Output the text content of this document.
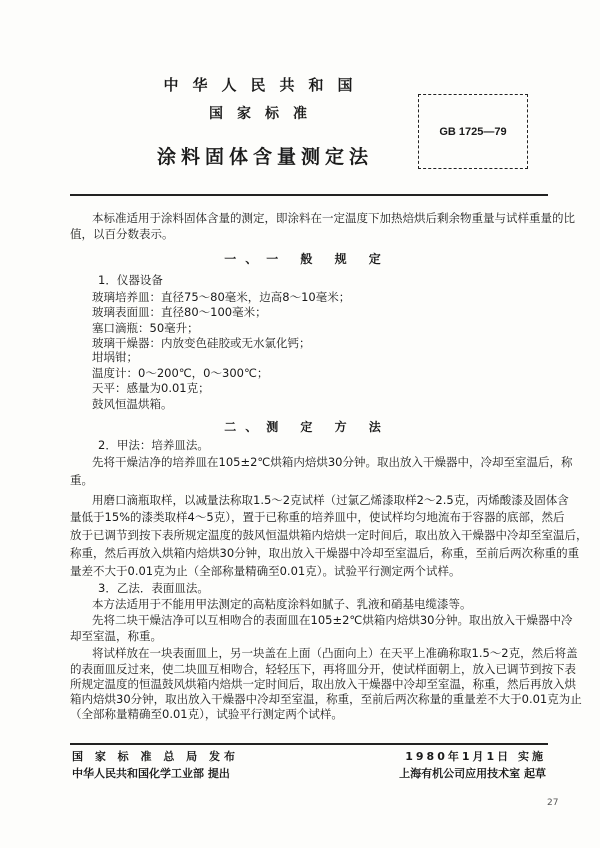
中华人民共和国
国家标准
涂料固体含量测定法
GB 1725—79
本标准适用于涂料固体含量的测定，即涂料在一定温度下加热焙烘后剩余物重量与试样重量的比
值，以百分数表示。
一、一 般 规 定
1．仪器设备
玻璃培养皿：直径75～80毫米，边高8～10毫米；
玻璃表面皿：直径80～100毫米；
塞口滴瓶：50毫升；
玻璃干燥器：内放变色硅胶或无水氯化钙；
坩埚钳；
温度计：0～200℃，0～300℃；
天平：感量为0.01克；
鼓风恒温烘箱。
二、测 定 方 法
2．甲法：培养皿法。
先将干燥洁净的培养皿在105±2℃烘箱内焙烘30分钟。取出放入干燥器中，冷却至室温后，称
重。
用磨口滴瓶取样，以减量法称取1.5～2克试样（过氯乙烯漆取样2～2.5克，丙烯酸漆及固体含
量低于15%的漆类取样4～5克），置于已称重的培养皿中，使试样均匀地流布于容器的底部，然后
放于已调节到按下表所规定温度的鼓风恒温烘箱内焙烘一定时间后，取出放入干燥器中冷却至室温后，
称重，然后再放入烘箱内焙烘30分钟，取出放入干燥器中冷却至室温后，称重，至前后两次称重的重
量差不大于0.01克为止（全部称量精确至0.01克）。试验平行测定两个试样。
3．乙法．表面皿法。
本方法适用于不能用甲法测定的高粘度涂料如腻子、乳液和硝基电缆漆等。
先将二块干燥洁净可以互相吻合的表面皿在105±2℃烘箱内焙烘30分钟。取出放入干燥器中冷
却至室温，称重。
将试样放在一块表面皿上，另一块盖在上面（凸面向上）在天平上准确称取1.5～2克，然后将盖
的表面皿反过来，使二块皿互相吻合，轻轻压下，再将皿分开，使试样面朝上，放入已调节到按下表
所规定温度的恒温鼓风烘箱内焙烘一定时间后，取出放入干燥器中冷却至室温，称重，然后再放入烘
箱内焙烘30分钟，取出放入干燥器中冷却至室温，称重，至前后两次称量的重量差不大于0.01克为止
（全部称量精确至0.01克），试验平行测定两个试样。
国 家 标 准 总 局 发布	1980年1月1日 实施
中华人民共和国化学工业部 提出	上海有机公司应用技术室 起草
27
